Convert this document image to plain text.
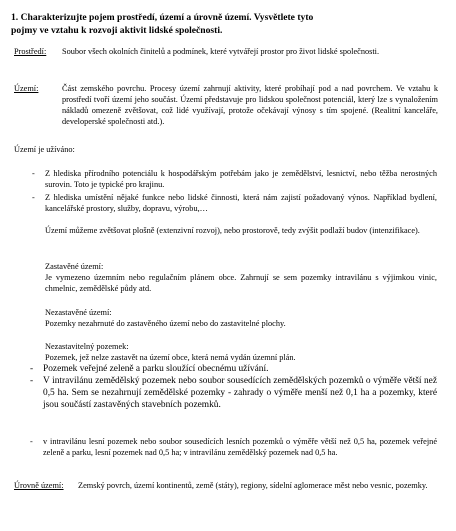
1. Charakterizujte pojem prostředí, území a úrovně území. Vysvětlete tyto
pojmy ve vztahu k rozvoji aktivit lidské společnosti.
Prostředí:	Soubor všech okolních činitelů a podmínek, které vytvářejí prostor pro život lidské společnosti.
Území:	Část zemského povrchu. Procesy území zahrnují aktivity, které probíhají pod a nad povrchem. Ve vztahu k prostředí tvoří území jeho součást. Území představuje pro lidskou společnost potenciál, který lze s vynaložením nákladů omezeně zvětšovat, což lidé využívají, protože očekávají výnosy s tím spojené. (Realitní kanceláře, developerské společnosti atd.).
Území je užíváno:
- Z hlediska přírodního potenciálu k hospodářským potřebám jako je zemědělství, lesnictví, nebo těžba nerostných surovin. Toto je typické pro krajinu.
- Z hlediska umístění nějaké funkce nebo lidské činnosti, která nám zajistí požadovaný výnos. Například bydlení, kancelářské prostory, služby, dopravu, výrobu,…
Území můžeme zvětšovat plošně (extenzivní rozvoj), nebo prostorově, tedy zvýšit podlaží budov (intenzifikace).
Zastavěné území:
Je vymezeno územním nebo regulačním plánem obce. Zahrnují se sem pozemky intravilánu s výjimkou vinic, chmelnic, zemědělské půdy atd.
Nezastavěné území:
Pozemky nezahrnuté do zastavěného území nebo do zastavitelné plochy.
Nezastavitelný pozemek:
Pozemek, jež nelze zastavět na území obce, která nemá vydán územní plán.
- Pozemek veřejné zeleně a parku sloužící obecnému užívání.
- V intravilánu zemědělský pozemek nebo soubor sousedících zemědělských pozemků o výměře větší než 0,5 ha. Sem se nezahrnují zemědělské pozemky - zahrady o výměře menší než 0,1 ha a pozemky, které jsou součástí zastavěných stavebních pozemků.
- v intravilánu lesní pozemek nebo soubor sousedících lesních pozemků o výměře větší než 0,5 ha, pozemek veřejné zeleně a parku, lesní pozemek nad 0,5 ha; v intravilánu zemědělský pozemek nad 0,5 ha.
Úrovně území:	Zemský povrch, území kontinentů, země (státy), regiony, sídelní aglomerace měst nebo vesnic, pozemky.
